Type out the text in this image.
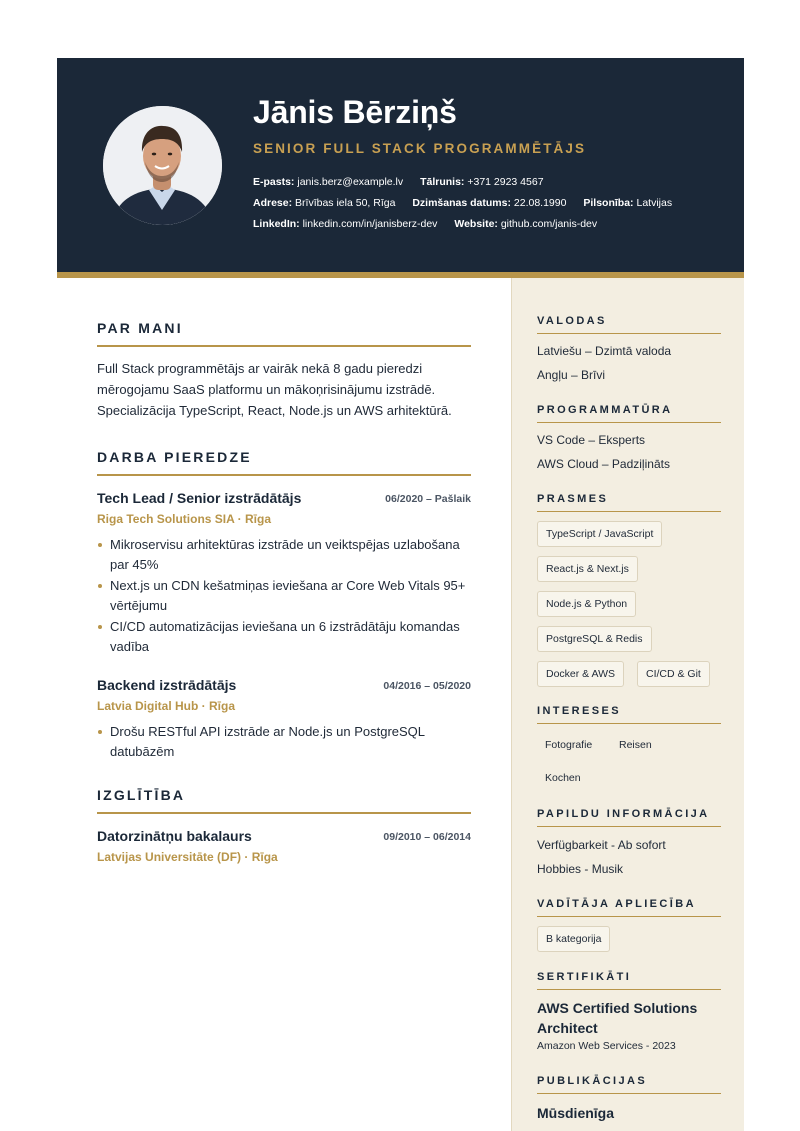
Jānis Bērziņš
SENIOR FULL STACK PROGRAMMĒTĀJS
E-pasts: janis.berz@example.lv Tālrunis: +371 2923 4567
Adrese: Brīvības iela 50, Rīga Dzimšanas datums: 22.08.1990 Pilsonība: Latvijas
LinkedIn: linkedin.com/in/janisberz-dev Website: github.com/janis-dev
PAR MANI
Full Stack programmētājs ar vairāk nekā 8 gadu pieredzi mērogojamu SaaS platformu un mākoņrisinājumu izstrādē. Specializācija TypeScript, React, Node.js un AWS arhitektūrā.
DARBA PIEREDZE
Tech Lead / Senior izstrādātājs	06/2020 – Pašlaik
Riga Tech Solutions SIA · Rīga
Mikroservisu arhitektūras izstrāde un veiktspējas uzlabošana par 45%
Next.js un CDN kešatmiņas ieviešana ar Core Web Vitals 95+ vērtējumu
CI/CD automatizācijas ieviešana un 6 izstrādātāju komandas vadība
Backend izstrādātājs	04/2016 – 05/2020
Latvia Digital Hub · Rīga
Drošu RESTful API izstrāde ar Node.js un PostgreSQL datubāzēm
IZGLĪTĪBA
Datorzinātņu bakalaurs	09/2010 – 06/2014
Latvijas Universitāte (DF) · Rīga
VALODAS
Latviešu – Dzimtā valoda
Angļu – Brīvi
PROGRAMMATŪRA
VS Code – Eksperts
AWS Cloud – Padziļināts
PRASMES
TypeScript / JavaScript
React.js & Next.js
Node.js & Python
PostgreSQL & Redis
Docker & AWS	CI/CD & Git
INTERESES
Fotografie	Reisen
Kochen
PAPILDU INFORMĀCIJA
Verfügbarkeit - Ab sofort
Hobbies - Musik
VADĪTĀJA APLIECĪBA
B kategorija
SERTIFIKĀTI
AWS Certified Solutions Architect
Amazon Web Services - 2023
PUBLIKĀCIJAS
Mūsdienīga
